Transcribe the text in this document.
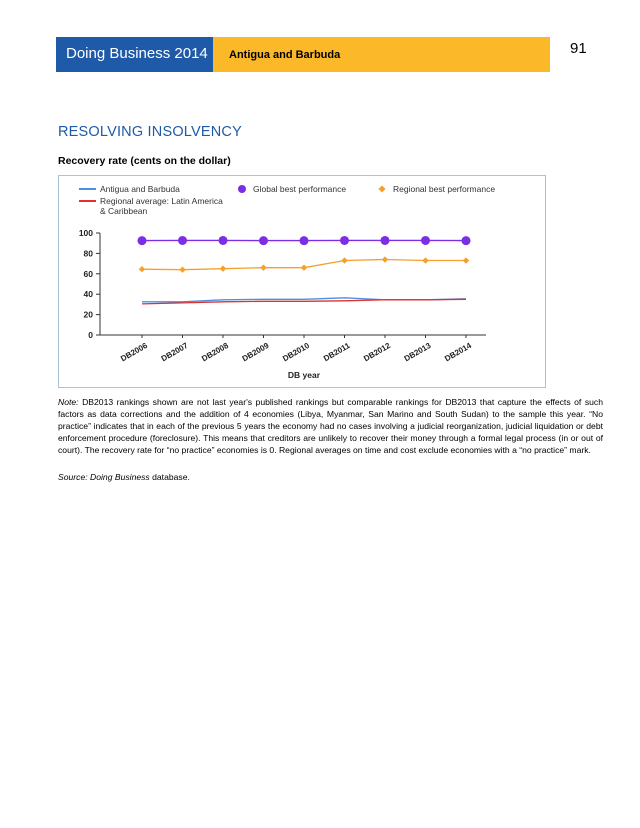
Doing Business 2014 Antigua and Barbuda	91
RESOLVING INSOLVENCY
Recovery rate (cents on the dollar)
Antigua and Barbuda	Global best performance	Regional best performance
Regional average: Latin America
& Caribbean
0
20
40
60
80
100
DB2006 DB2007 DB2008 DB2009 DB2010 DB2011 DB2012 DB2013 DB2014
DB year
Note: DB2013 rankings shown are not last year's published rankings but comparable rankings for DB2013 that capture the effects of such factors as data corrections and the addition of 4 economies (Libya, Myanmar, San Marino and South Sudan) to the sample this year. “No practice” indicates that in each of the previous 5 years the economy had no cases involving a judicial reorganization, judicial liquidation or debt enforcement procedure (foreclosure). This means that creditors are unlikely to recover their money through a formal legal process (in or out of court). The recovery rate for “no practice” economies is 0. Regional averages on time and cost exclude economies with a “no practice” mark.
Source: Doing Business database.
